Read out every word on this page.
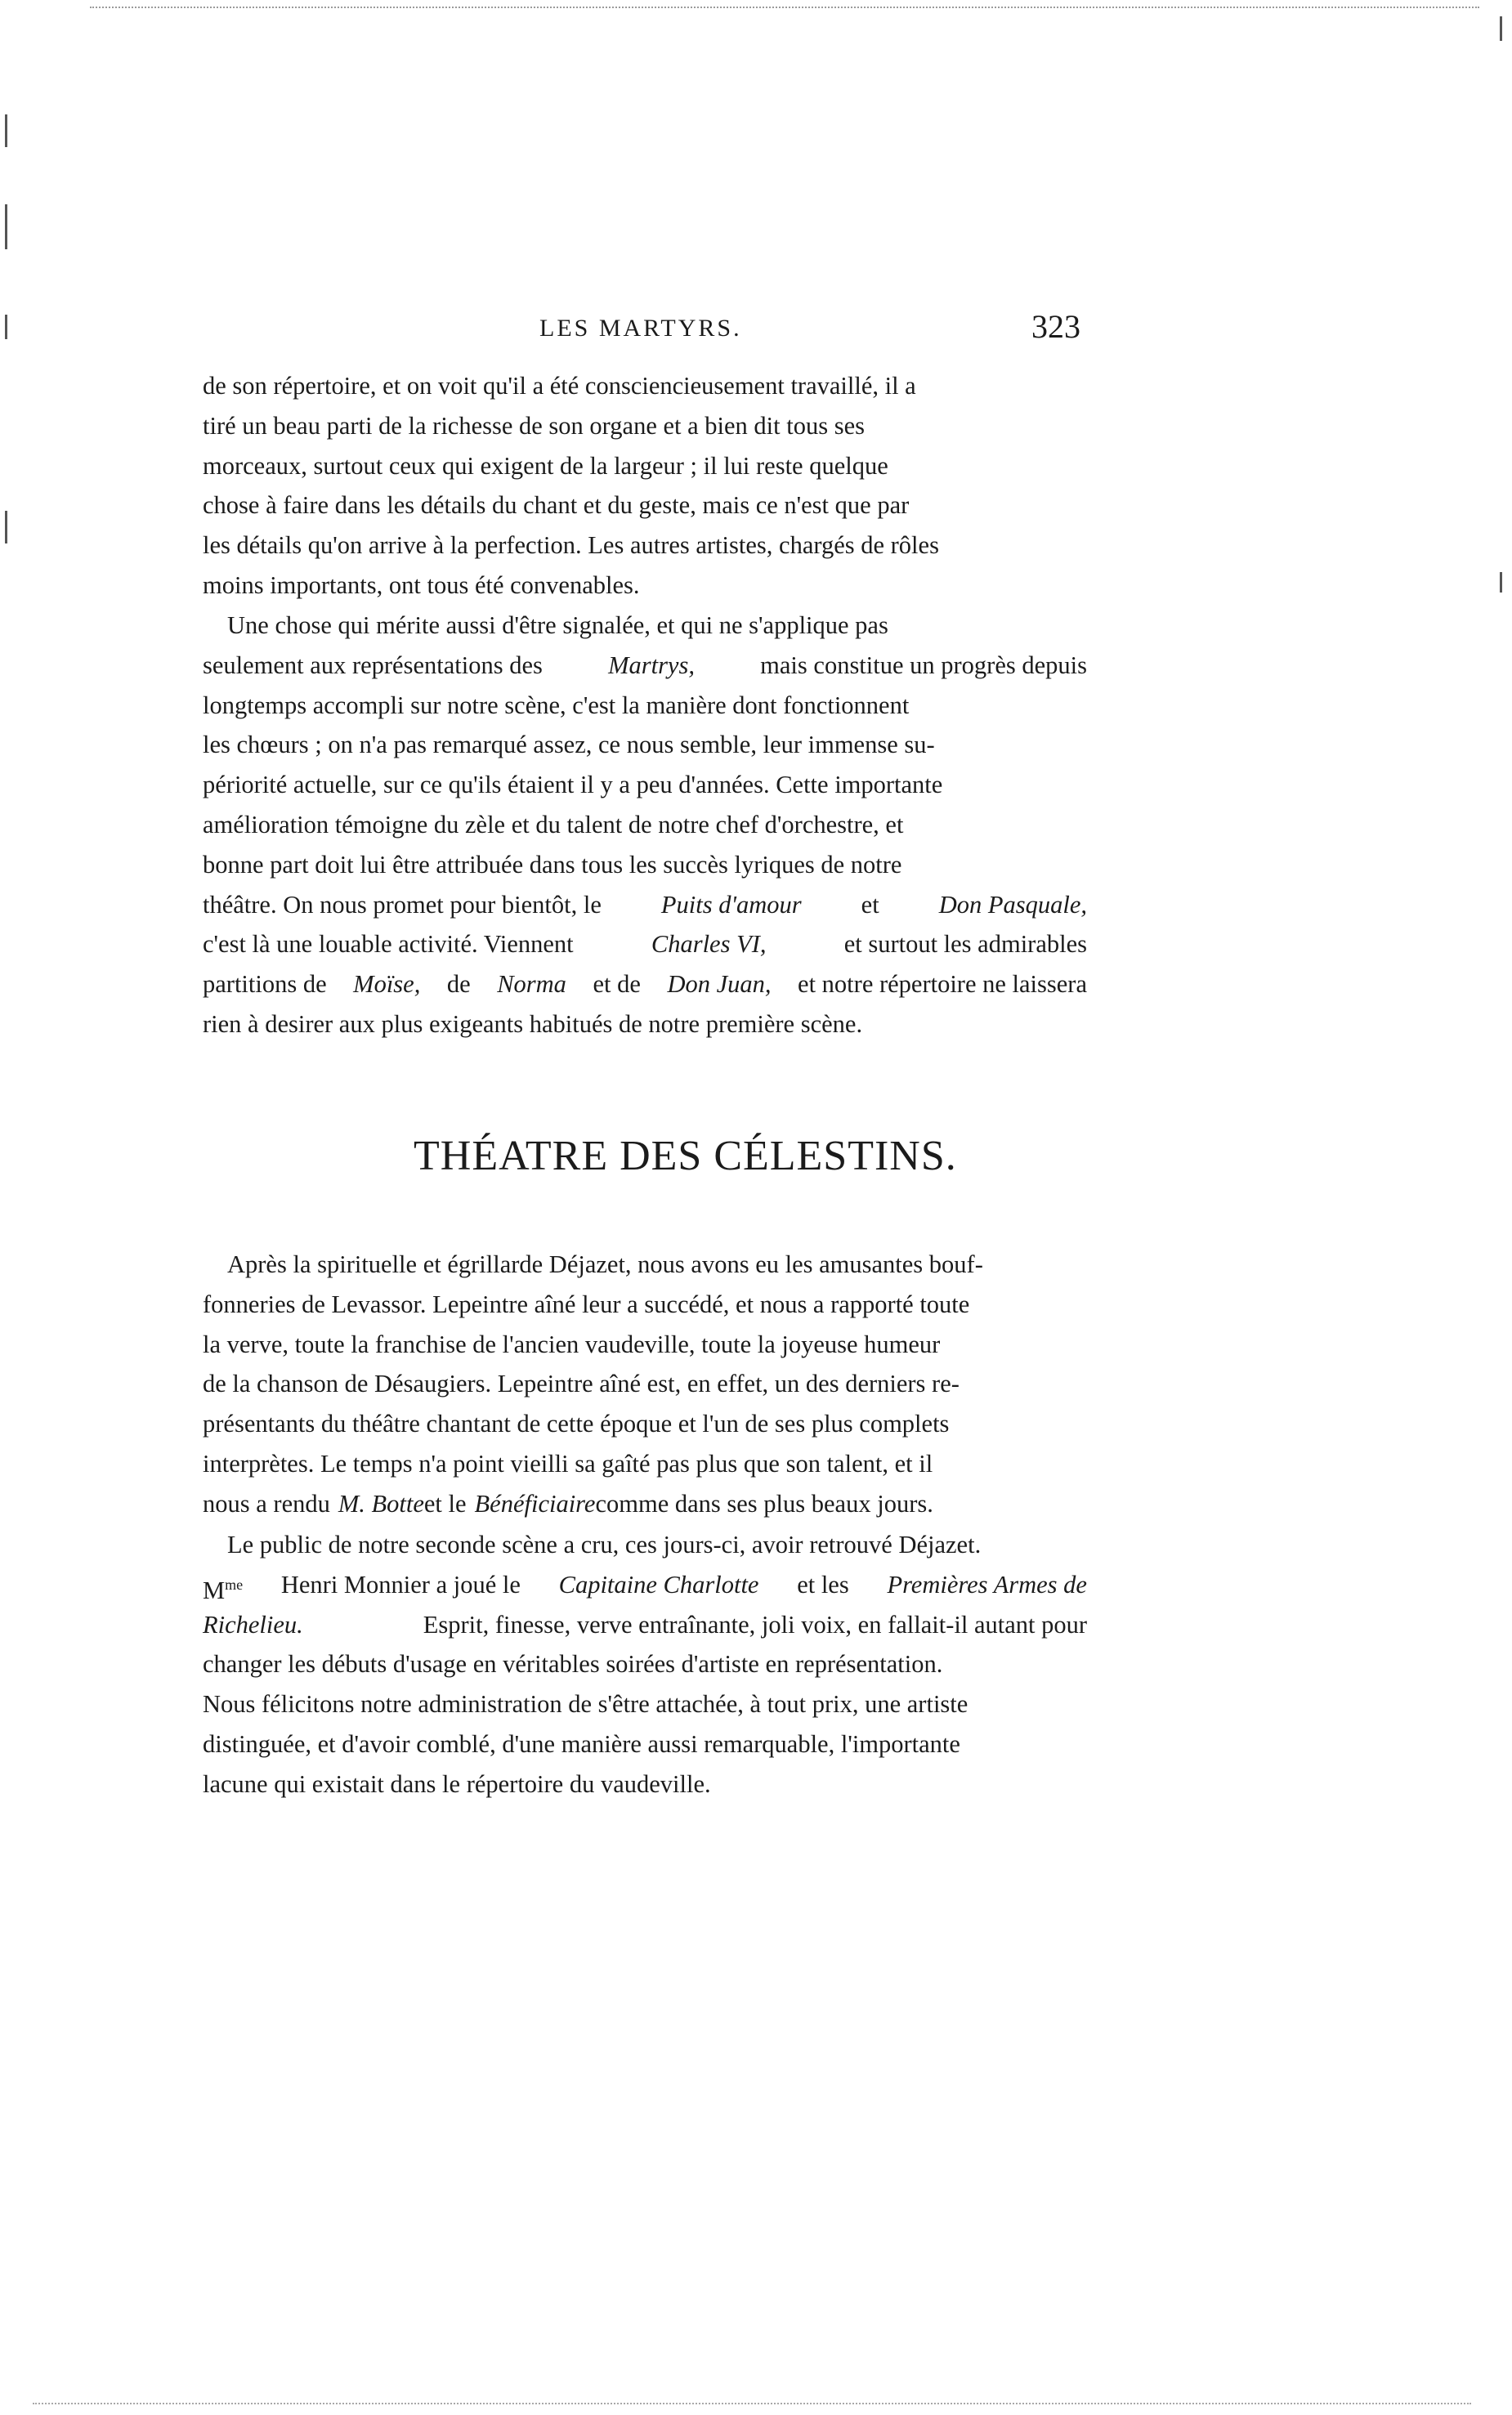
LES MARTYRS.	323
de son répertoire, et on voit qu'il a été consciencieusement travaillé, il a
tiré un beau parti de la richesse de son organe et a bien dit tous ses
morceaux, surtout ceux qui exigent de la largeur ; il lui reste quelque
chose à faire dans les détails du chant et du geste, mais ce n'est que par
les détails qu'on arrive à la perfection. Les autres artistes, chargés de rôles
moins importants, ont tous été convenables.
Une chose qui mérite aussi d'être signalée, et qui ne s'applique pas
seulement aux représentations des	Martrys,	mais constitue un progrès depuis
longtemps accompli sur notre scène, c'est la manière dont fonctionnent
les chœurs ; on n'a pas remarqué assez, ce nous semble, leur immense su-
périorité actuelle, sur ce qu'ils étaient il y a peu d'années. Cette importante
amélioration témoigne du zèle et du talent de notre chef d'orchestre, et
bonne part doit lui être attribuée dans tous les succès lyriques de notre
théâtre. On nous promet pour bientôt, le Puits d'amour et Don Pasquale,
c'est là une louable activité. Viennent	Charles VI,	et surtout les admirables
partitions de Moïse, de Norma et de Don Juan, et notre répertoire ne laissera
rien à desirer aux plus exigeants habitués de notre première scène.
THÉATRE DES CÉLESTINS.
Après la spirituelle et égrillarde Déjazet, nous avons eu les amusantes bouf-
fonneries de Levassor. Lepeintre aîné leur a succédé, et nous a rapporté toute
la verve, toute la franchise de l'ancien vaudeville, toute la joyeuse humeur
de la chanson de Désaugiers. Lepeintre aîné est, en effet, un des derniers re-
présentants du théâtre chantant de cette époque et l'un de ses plus complets
interprètes. Le temps n'a point vieilli sa gaîté pas plus que son talent, et il
nous a rendu M. Botte et le Bénéficiaire comme dans ses plus beaux jours.
Le public de notre seconde scène a cru, ces jours-ci, avoir retrouvé Déjazet.
$M^{me}$ Henri Monnier a joué le Capitaine Charlotte et les Premières Armes de
Richelieu.	Esprit, finesse, verve entraînante, joli voix, en fallait-il autant pour
changer les débuts d'usage en véritables soirées d'artiste en représentation.
Nous félicitons notre administration de s'être attachée, à tout prix, une artiste
distinguée, et d'avoir comblé, d'une manière aussi remarquable, l'importante
lacune qui existait dans le répertoire du vaudeville.
